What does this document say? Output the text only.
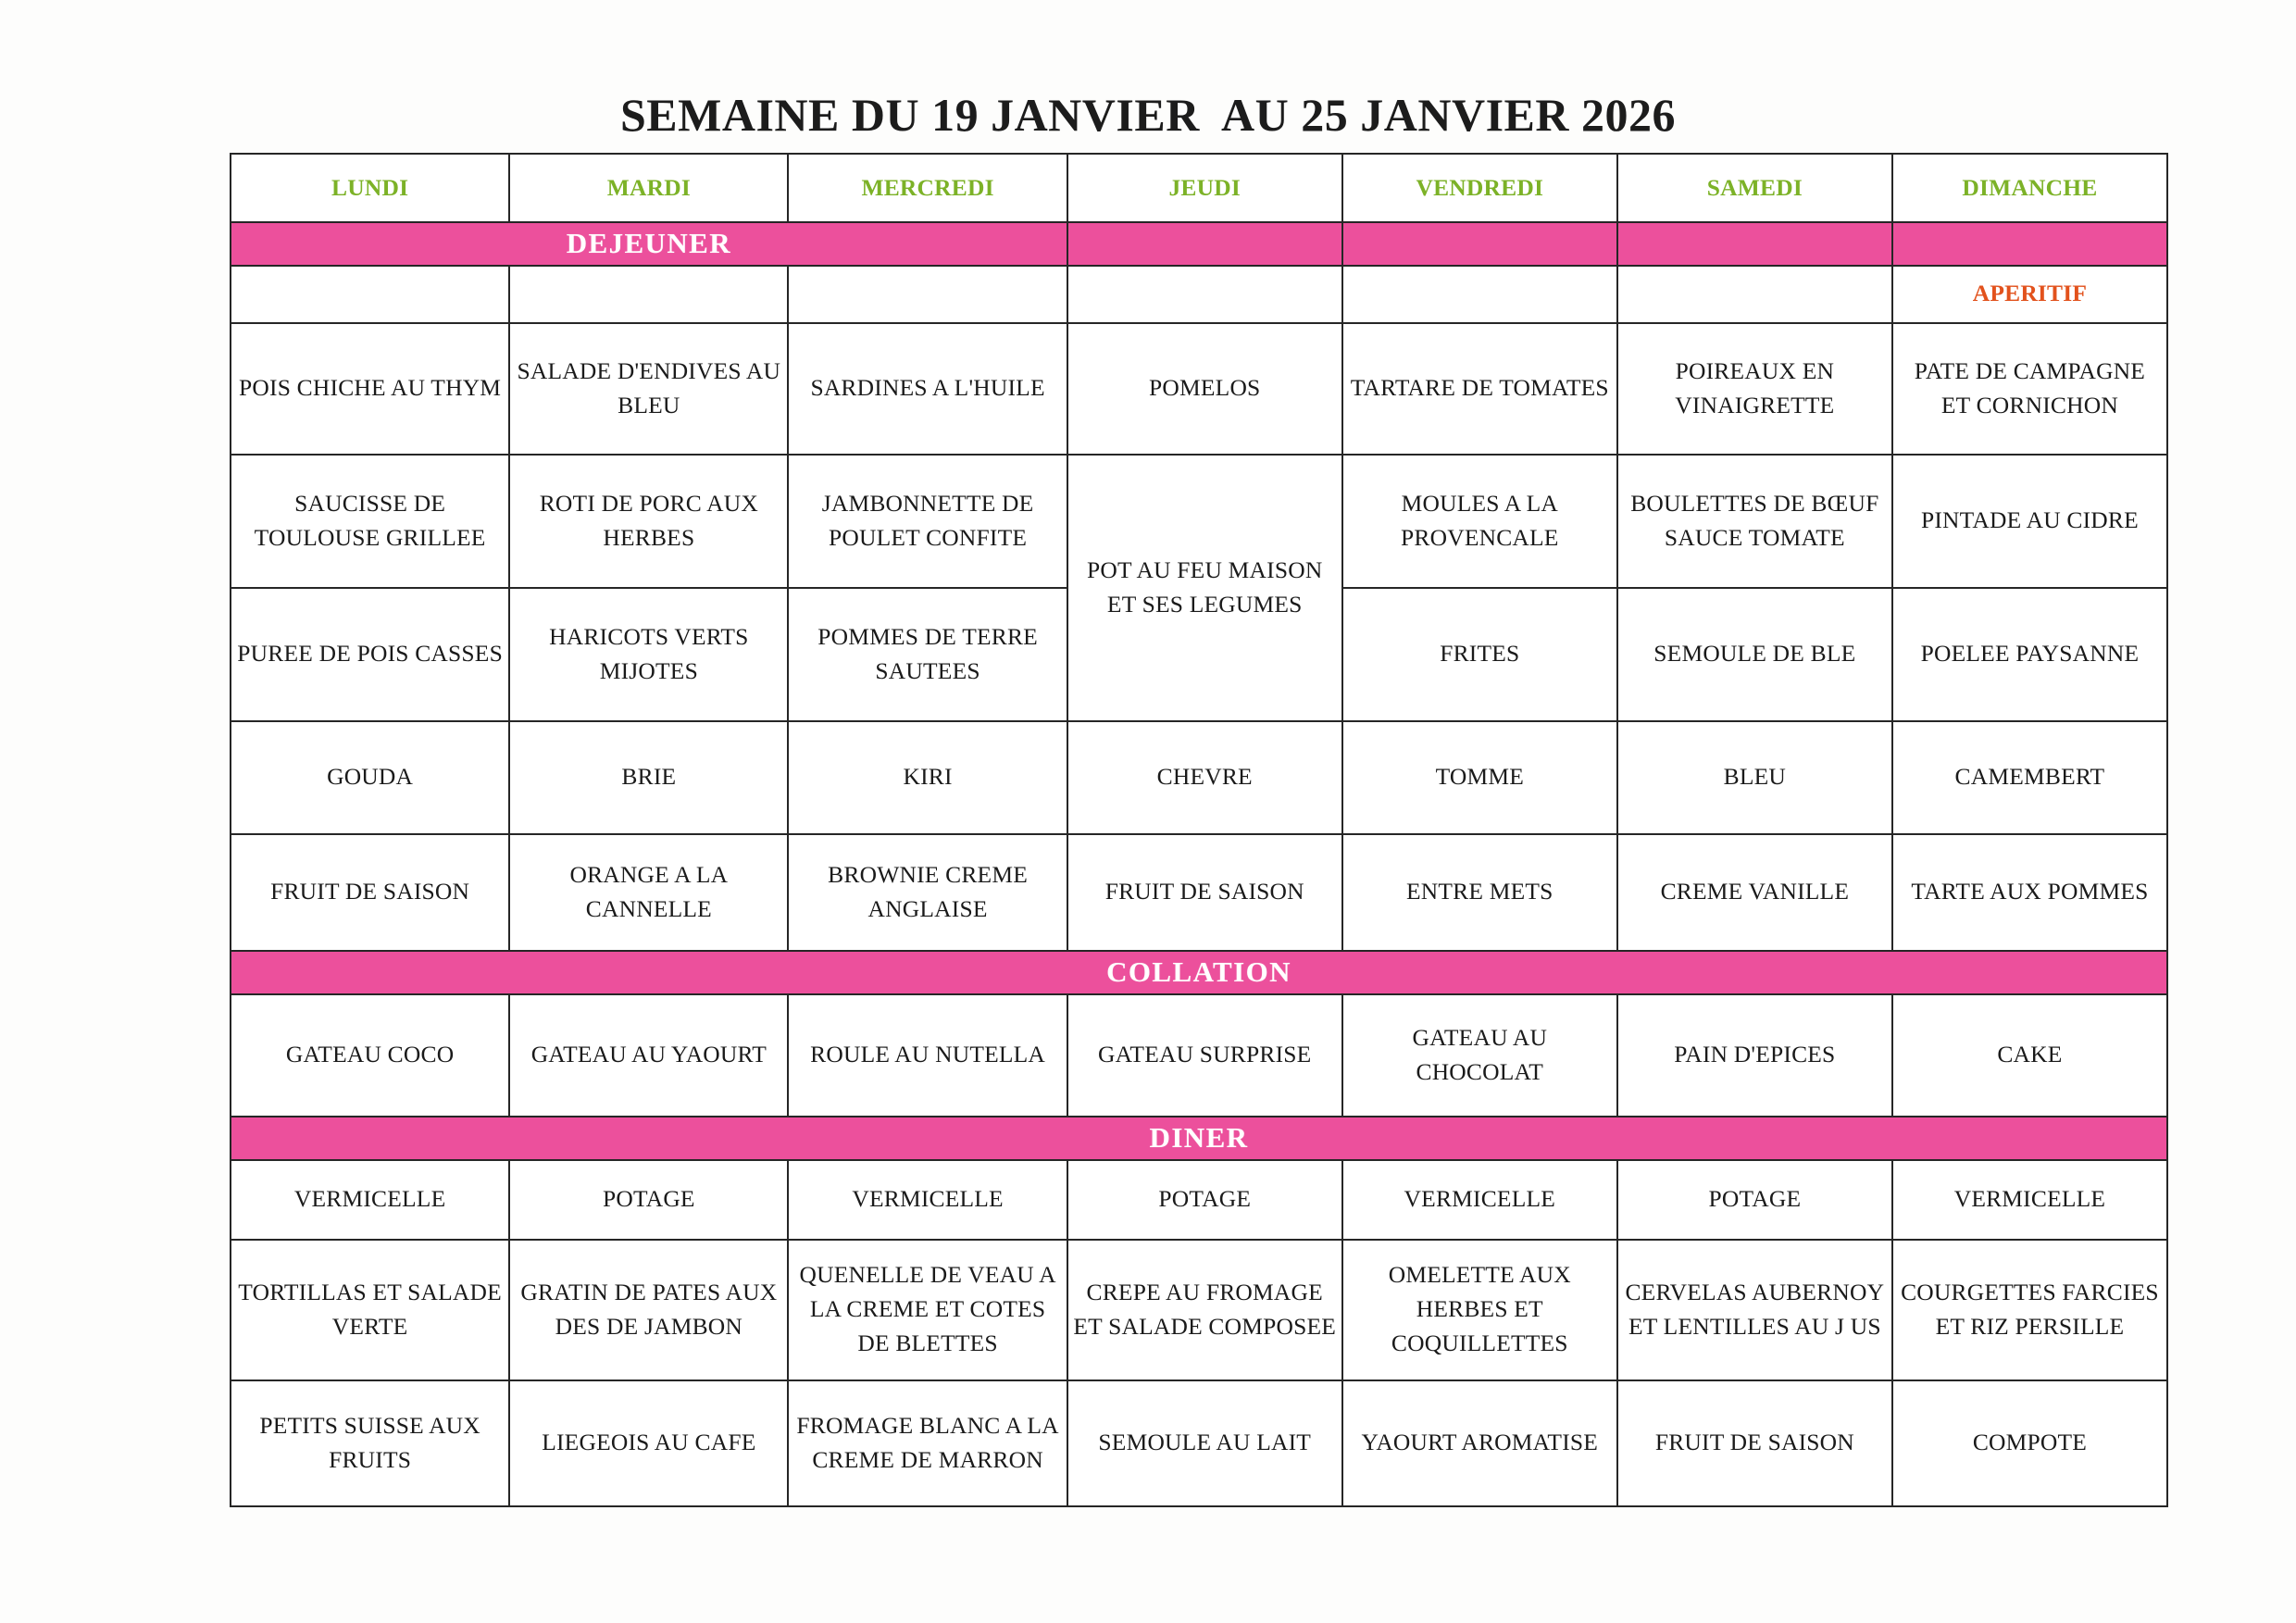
SEMAINE DU 19 JANVIER  AU 25 JANVIER 2026
LUNDI	MARDI	MERCREDI	JEUDI	VENDREDI	SAMEDI	DIMANCHE

DEJEUNER						

						APERITIF
POIS CHICHE AU THYM	SALADE D'ENDIVES AU BLEU	SARDINES A L'HUILE	POMELOS	TARTARE DE TOMATES	POIREAUX EN VINAIGRETTE	PATE DE CAMPAGNE ET CORNICHON
SAUCISSE DE TOULOUSE GRILLEE	ROTI DE PORC AUX HERBES	JAMBONNETTE DE POULET CONFITE	POT AU FEU MAISON ET SES LEGUMES	MOULES A LA PROVENCALE	BOULETTES DE BŒUF SAUCE TOMATE	PINTADE AU CIDRE
PUREE DE POIS CASSES	HARICOTS VERTS MIJOTES	POMMES DE TERRE SAUTEES		FRITES	SEMOULE DE BLE	POELEE PAYSANNE
GOUDA	BRIE	KIRI	CHEVRE	TOMME	BLEU	CAMEMBERT
FRUIT DE SAISON	ORANGE A LA CANNELLE	BROWNIE CREME ANGLAISE	FRUIT DE SAISON	ENTRE METS	CREME VANILLE	TARTE AUX POMMES
COLLATION						
GATEAU COCO	GATEAU AU YAOURT	ROULE AU NUTELLA	GATEAU SURPRISE	GATEAU AU CHOCOLAT	PAIN D'EPICES	CAKE
DINER						
VERMICELLE	POTAGE	VERMICELLE	POTAGE	VERMICELLE	POTAGE	VERMICELLE
TORTILLAS ET SALADE VERTE	GRATIN DE PATES AUX DES DE JAMBON	QUENELLE DE VEAU A LA CREME ET COTES DE BLETTES	CREPE AU FROMAGE ET SALADE COMPOSEE	OMELETTE AUX HERBES ET COQUILLETTES	CERVELAS AUBERNOY ET LENTILLES AU J US	COURGETTES FARCIES ET RIZ PERSILLE
PETITS SUISSE AUX FRUITS	LIEGEOIS AU CAFE	FROMAGE BLANC A LA CREME DE MARRON	SEMOULE AU LAIT	YAOURT AROMATISE	FRUIT DE SAISON	COMPOTE
